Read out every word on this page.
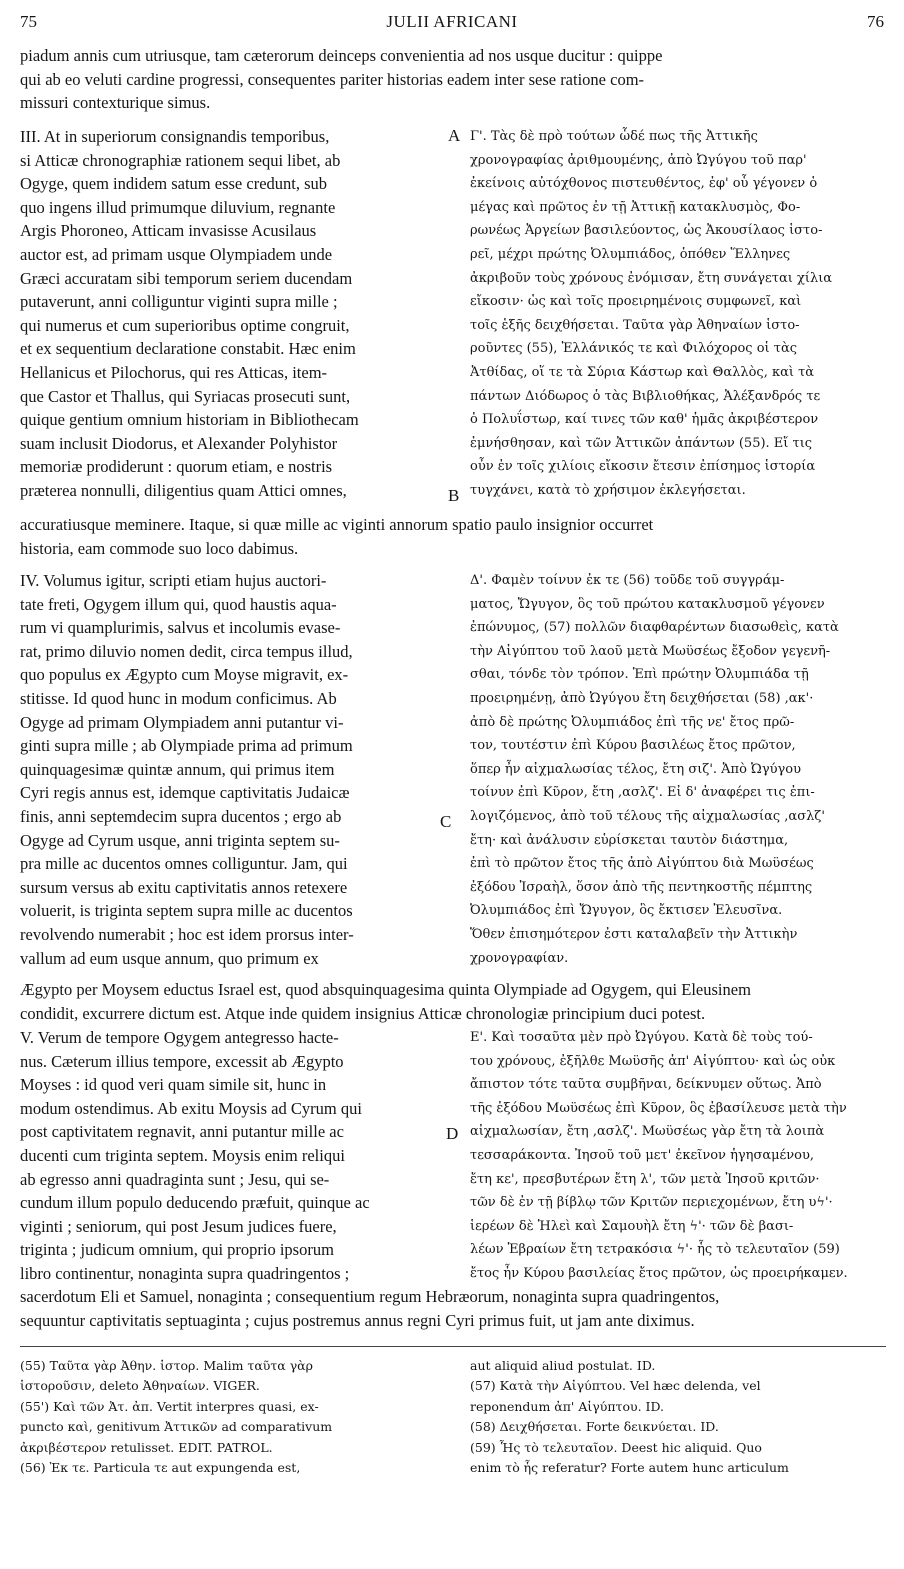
75	JULII AFRICANI	76
piadum annis cum utriusque, tam cæterorum deinceps convenientia ad nos usque ducitur : quippe
qui ab eo veluti cardine progressi, consequentes pariter historias eadem inter sese ratione com-
missuri contexturique simus.
III. At in superiorum consignandis temporibus,
si Atticæ chronographiæ rationem sequi libet, ab
Ogyge, quem indidem satum esse credunt, sub
quo ingens illud primumque diluvium, regnante
Argis Phoroneo, Atticam invasisse Acusilaus
auctor est, ad primam usque Olympiadem unde
Græci accuratam sibi temporum seriem ducendam
putaverunt, anni colliguntur viginti supra mille ;
qui numerus et cum superioribus optime congruit,
et ex sequentium declaratione constabit. Hæc enim
Hellanicus et Pilochorus, qui res Atticas, item-
que Castor et Thallus, qui Syriacas prosecuti sunt,
quique gentium omnium historiam in Bibliothecam
suam inclusit Diodorus, et Alexander Polyhistor
memoriæ prodiderunt : quorum etiam, e nostris
præterea nonnulli, diligentius quam Attici omnes,
Γ'. Τὰς δὲ πρὸ τούτων ὧδέ πως τῆς Ἀττικῆς
χρονογραφίας ἀριθμουμένης, ἀπὸ Ὠγύγου τοῦ παρ'
ἐκείνοις αὐτόχθονος πιστευθέντος, ἐφ' οὗ γέγονεν ὁ
μέγας καὶ πρῶτος ἐν τῇ Ἀττικῇ κατακλυσμὸς, Φο-
ρωνέως Ἀργείων βασιλεύοντος, ὡς Ἀκουσίλαος ἱστο-
ρεῖ, μέχρι πρώτης Ὀλυμπιάδος, ὁπόθεν Ἕλληνες
ἀκριβοῦν τοὺς χρόνους ἐνόμισαν, ἔτη συνάγεται χίλια
εἴκοσιν· ὡς καὶ τοῖς προειρημένοις συμφωνεῖ, καὶ
τοῖς ἑξῆς δειχθήσεται. Ταῦτα γὰρ Ἀθηναίων ἱστο-
ροῦντες (55), Ἑλλάνικός τε καὶ Φιλόχορος οἱ τὰς
Ἀτθίδας, οἵ τε τὰ Σύρια Κάστωρ καὶ Θαλλὸς, καὶ τὰ
πάντων Διόδωρος ὁ τὰς Βιβλιοθήκας, Ἀλέξανδρός τε
ὁ Πολυΐστωρ, καί τινες τῶν καθ' ἡμᾶς ἀκριβέστερον
ἐμνήσθησαν, καὶ τῶν Ἀττικῶν ἁπάντων (55). Εἴ τις
οὖν ἐν τοῖς χιλίοις εἴκοσιν ἔτεσιν ἐπίσημος ἱστορία
τυγχάνει, κατὰ τὸ χρήσιμον ἐκλεγήσεται.
A
B
accuratiusque meminere. Itaque, si quæ mille ac viginti annorum spatio paulo insignior occurret
historia, eam commode suo loco dabimus.
IV. Volumus igitur, scripti etiam hujus auctori-
tate freti, Ogygem illum qui, quod haustis aqua-
rum vi quamplurimis, salvus et incolumis evase-
rat, primo diluvio nomen dedit, circa tempus illud,
quo populus ex Ægypto cum Moyse migravit, ex-
stitisse. Id quod hunc in modum conficimus. Ab
Ogyge ad primam Olympiadem anni putantur vi-
ginti supra mille ; ab Olympiade prima ad primum
quinquagesimæ quintæ annum, qui primus item
Cyri regis annus est, idemque captivitatis Judaicæ
finis, anni septemdecim supra ducentos ; ergo ab
Ogyge ad Cyrum usque, anni triginta septem su-
pra mille ac ducentos omnes colliguntur. Jam, qui
sursum versus ab exitu captivitatis annos retexere
voluerit, is triginta septem supra mille ac ducentos
revolvendo numerabit ; hoc est idem prorsus inter-
vallum ad eum usque annum, quo primum ex
Δ'. Φαμὲν τοίνυν ἐκ τε (56) τοῦδε τοῦ συγγράμ-
ματος, Ὤγυγον, ὃς τοῦ πρώτου κατακλυσμοῦ γέγονεν
ἐπώνυμος, (57) πολλῶν διαφθαρέντων διασωθεὶς, κατὰ
τὴν Αἰγύπτου τοῦ λαοῦ μετὰ Μωϋσέως ἔξοδον γεγενῆ-
σθαι, τόνδε τὸν τρόπον. Ἐπὶ πρώτην Ὀλυμπιάδα τῇ
προειρημένῃ, ἀπὸ Ὠγύγου ἔτη δειχθήσεται (58) ,ακ'·
ἀπὸ δὲ πρώτης Ὀλυμπιάδος ἐπὶ τῆς νε' ἔτος πρῶ-
τον, τουτέστιν ἐπὶ Κύρου βασιλέως ἔτος πρῶτον,
ὅπερ ἦν αἰχμαλωσίας τέλος, ἔτη σιζ'. Ἀπὸ Ὠγύγου
τοίνυν ἐπὶ Κῦρον, ἔτη ,ασλζ'. Εἰ δ' ἀναφέρει τις ἐπι-
λογιζόμενος, ἀπὸ τοῦ τέλους τῆς αἰχμαλωσίας ,ασλζ'
ἔτη· καὶ ἀνάλυσιν εὑρίσκεται ταυτὸν διάστημα,
ἐπὶ τὸ πρῶτον ἔτος τῆς ἀπὸ Αἰγύπτου διὰ Μωϋσέως
ἐξόδου Ἰσραὴλ, ὅσον ἀπὸ τῆς πεντηκοστῆς πέμπτης
Ὀλυμπιάδος ἐπὶ Ὤγυγον, ὃς ἔκτισεν Ἐλευσῖνα.
Ὅθεν ἐπισημότερον ἐστι καταλαβεῖν τὴν Ἀττικὴν
χρονογραφίαν.
C
Ægypto per Moysem eductus Israel est, quod absquinquagesima quinta Olympiade ad Ogygem, qui Eleusinem
condidit, excurrere dictum est. Atque inde quidem insignius Atticæ chronologiæ principium duci potest.
V. Verum de tempore Ogygem antegresso hacte-
nus. Cæterum illius tempore, excessit ab Ægypto
Moyses : id quod veri quam simile sit, hunc in
modum ostendimus. Ab exitu Moysis ad Cyrum qui
post captivitatem regnavit, anni putantur mille ac
ducenti cum triginta septem. Moysis enim reliqui
ab egresso anni quadraginta sunt ; Jesu, qui se-
cundum illum populo deducendo præfuit, quinque ac
viginti ; seniorum, qui post Jesum judices fuere,
triginta ; judicum omnium, qui proprio ipsorum
libro continentur, nonaginta supra quadringentos ;
Ε'. Καὶ τοσαῦτα μὲν πρὸ Ὠγύγου. Κατὰ δὲ τοὺς τού-
του χρόνους, ἐξῆλθε Μωϋσῆς ἀπ' Αἰγύπτου· καὶ ὡς οὐκ
ἄπιστον τότε ταῦτα συμβῆναι, δείκνυμεν οὕτως. Ἀπὸ
τῆς ἐξόδου Μωϋσέως ἐπὶ Κῦρον, ὃς ἐβασίλευσε μετὰ τὴν
αἰχμαλωσίαν, ἔτη ,ασλζ'. Μωϋσέως γὰρ ἔτη τὰ λοιπὰ
τεσσαράκοντα. Ἰησοῦ τοῦ μετ' ἐκεῖνον ἡγησαμένου,
ἔτη κε', πρεσβυτέρων ἔτη λ', τῶν μετὰ Ἰησοῦ κριτῶν·
τῶν δὲ ἐν τῇ βίβλῳ τῶν Κριτῶν περιεχομένων, ἔτη υϟ'·
ἱερέων δὲ Ἠλεὶ καὶ Σαμουὴλ ἔτη ϟ'· τῶν δὲ βασι-
λέων Ἑβραίων ἔτη τετρακόσια ϟ'· ἧς τὸ τελευταῖον (59)
ἔτος ἦν Κύρου βασιλείας ἔτος πρῶτον, ὡς προειρήκαμεν.
D
sacerdotum Eli et Samuel, nonaginta ; consequentium regum Hebræorum, nonaginta supra quadringentos,
sequuntur captivitatis septuaginta ; cujus postremus annus regni Cyri primus fuit, ut jam ante diximus.
(55) Ταῦτα γὰρ Ἀθην. ἱστορ. Malim ταῦτα γὰρ
ἱστοροῦσιν, deleto Ἀθηναίων. VIGER.
(55') Καὶ τῶν Ἀτ. ἀπ. Vertit interpres quasi, ex-
puncto καὶ, genitivum Ἀττικῶν ad comparativum
ἀκριβέστερον retulisset. EDIT. PATROL.
(56) Ἐκ τε. Particula τε aut expungenda est,
aut aliquid aliud postulat. ID.
(57) Κατὰ τὴν Αἰγύπτου. Vel hæc delenda, vel
reponendum ἀπ' Αἰγύπτου. ID.
(58) Δειχθήσεται. Forte δεικνύεται. ID.
(59) Ἧς τὸ τελευταῖον. Deest hic aliquid. Quo
enim τὸ ἧς referatur? Forte autem hunc articulum
